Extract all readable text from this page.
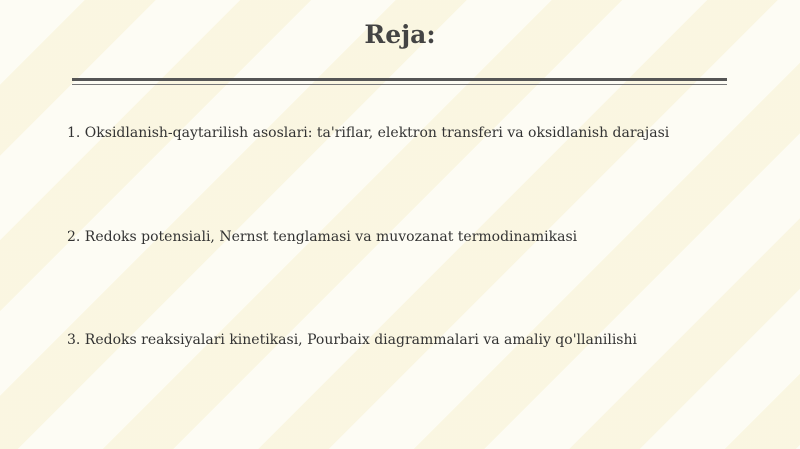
Reja:
1. Oksidlanish-qaytarilish asoslari: ta'riflar, elektron transferi va oksidlanish darajasi
2. Redoks potensiali, Nernst tenglamasi va muvozanat termodinamikasi
3. Redoks reaksiyalari kinetikasi, Pourbaix diagrammalari va amaliy qo'llanilishi
